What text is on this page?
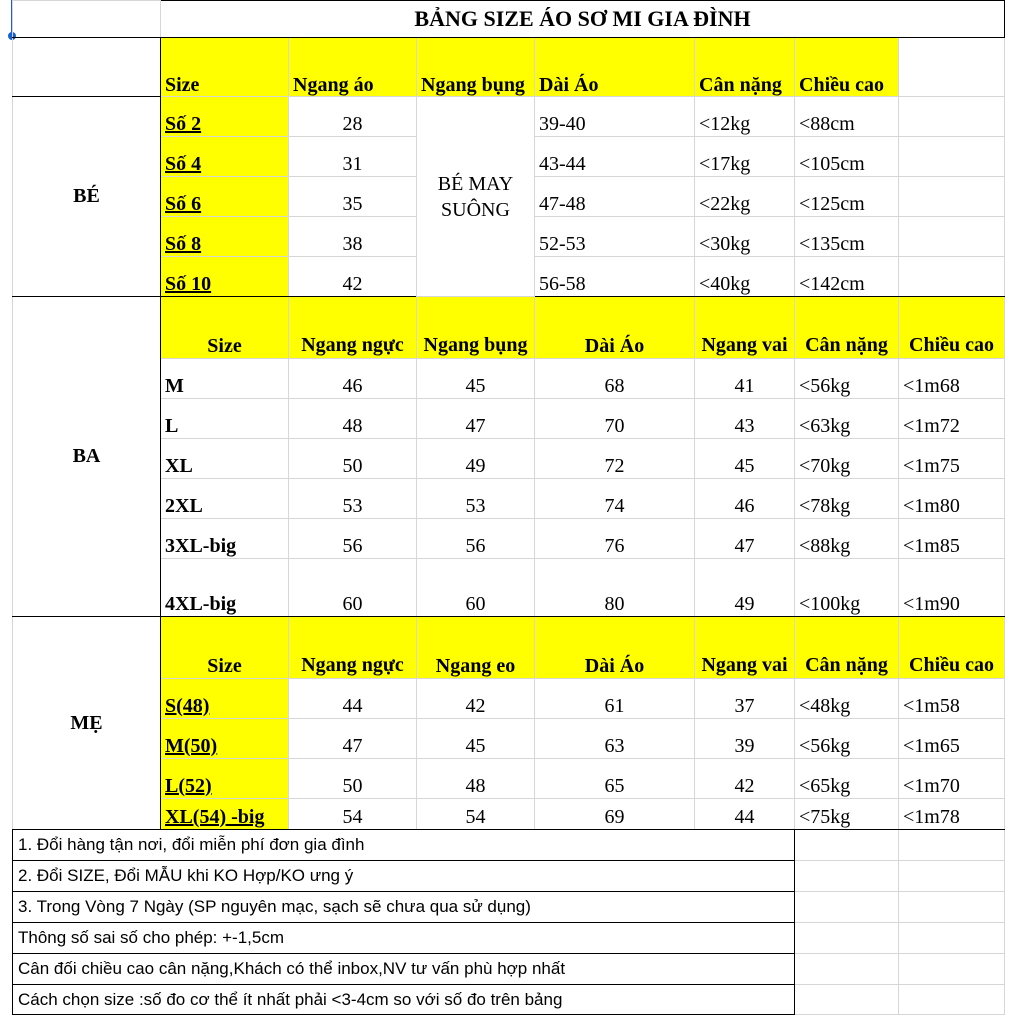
	BẢNG SIZE ÁO SƠ MI GIA ĐÌNH						
	Size	Ngang áo	Ngang bụng	Dài Áo	Cân nặng	Chiều cao	
BÉ	Số 2	28	BÉ MAY SUÔNG	39-40	<12kg	<88cm	
	Số 4	31		43-44	<17kg	<105cm	
	Số 6	35		47-48	<22kg	<125cm	
	Số 8	38		52-53	<30kg	<135cm	
	Số 10	42		56-58	<40kg	<142cm	
BA	Size	Ngang ngực	Ngang bụng	Dài Áo	Ngang vai	Cân nặng	Chiều cao
	M	46	45	68	41	<56kg	<1m68
	L	48	47	70	43	<63kg	<1m72
	XL	50	49	72	45	<70kg	<1m75
	2XL	53	53	74	46	<78kg	<1m80
	3XL-big	56	56	76	47	<88kg	<1m85
	4XL-big	60	60	80	49	<100kg	<1m90
MẸ	Size	Ngang ngực	Ngang eo	Dài Áo	Ngang vai	Cân nặng	Chiều cao
	S(48)	44	42	61	37	<48kg	<1m58
	M(50)	47	45	63	39	<56kg	<1m65
	L(52)	50	48	65	42	<65kg	<1m70
	XL(54) -big	54	54	69	44	<75kg	<1m78
1. Đổi hàng tận nơi, đổi miễn phí đơn gia đình							
2. Đổi SIZE, Đổi MẪU khi KO Hợp/KO ưng ý							
3. Trong Vòng 7 Ngày (SP nguyên mạc, sạch sẽ chưa qua sử dụng)							
Thông số sai số cho phép: +-1,5cm							
Cân đối chiều cao cân nặng,Khách có thể inbox,NV tư vấn phù hợp nhất							
Cách chọn size :số đo cơ thể ít nhất phải <3-4cm so với số đo trên bảng							
